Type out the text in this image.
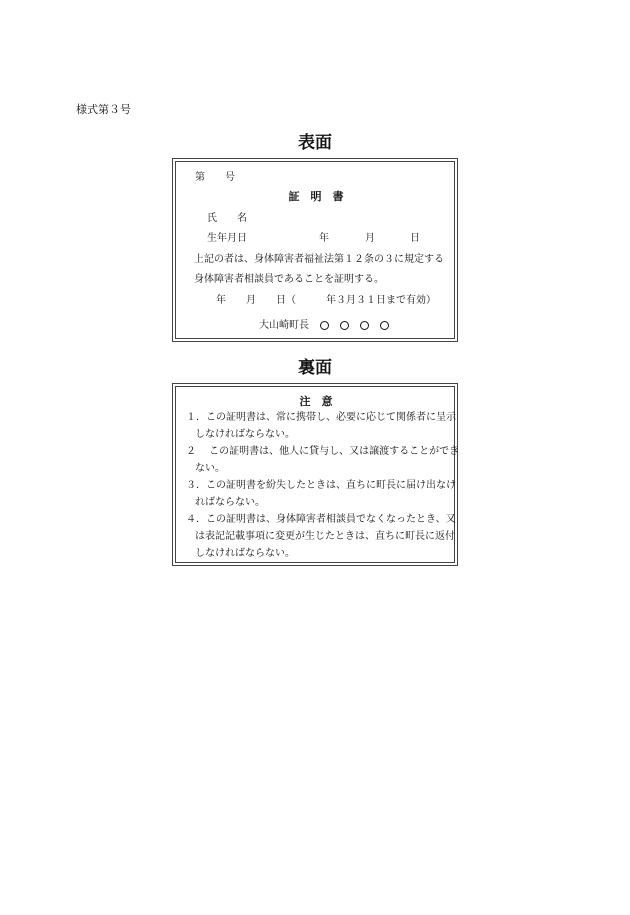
様式第３号
表面
第　　号
証　明　書
氏　　名
生年月日	年	月	日
上記の者は、身体障害者福祉法第１２条の３に規定する
身体障害者相談員であることを証明する。
年 月 日（	年３月３１日まで有効）
大山崎町長
裏面
注　意
１．この証明書は、常に携帯し、必要に応じて関係者に呈示
しなければならない。
２　 この証明書は、他人に貸与し、又は譲渡することができ
ない。
３．この証明書を紛失したときは、直ちに町長に届け出なけ
ればならない。
４．この証明書は、身体障害者相談員でなくなったとき、又
は表記記載事項に変更が生じたときは、直ちに町長に返付
しなければならない。
